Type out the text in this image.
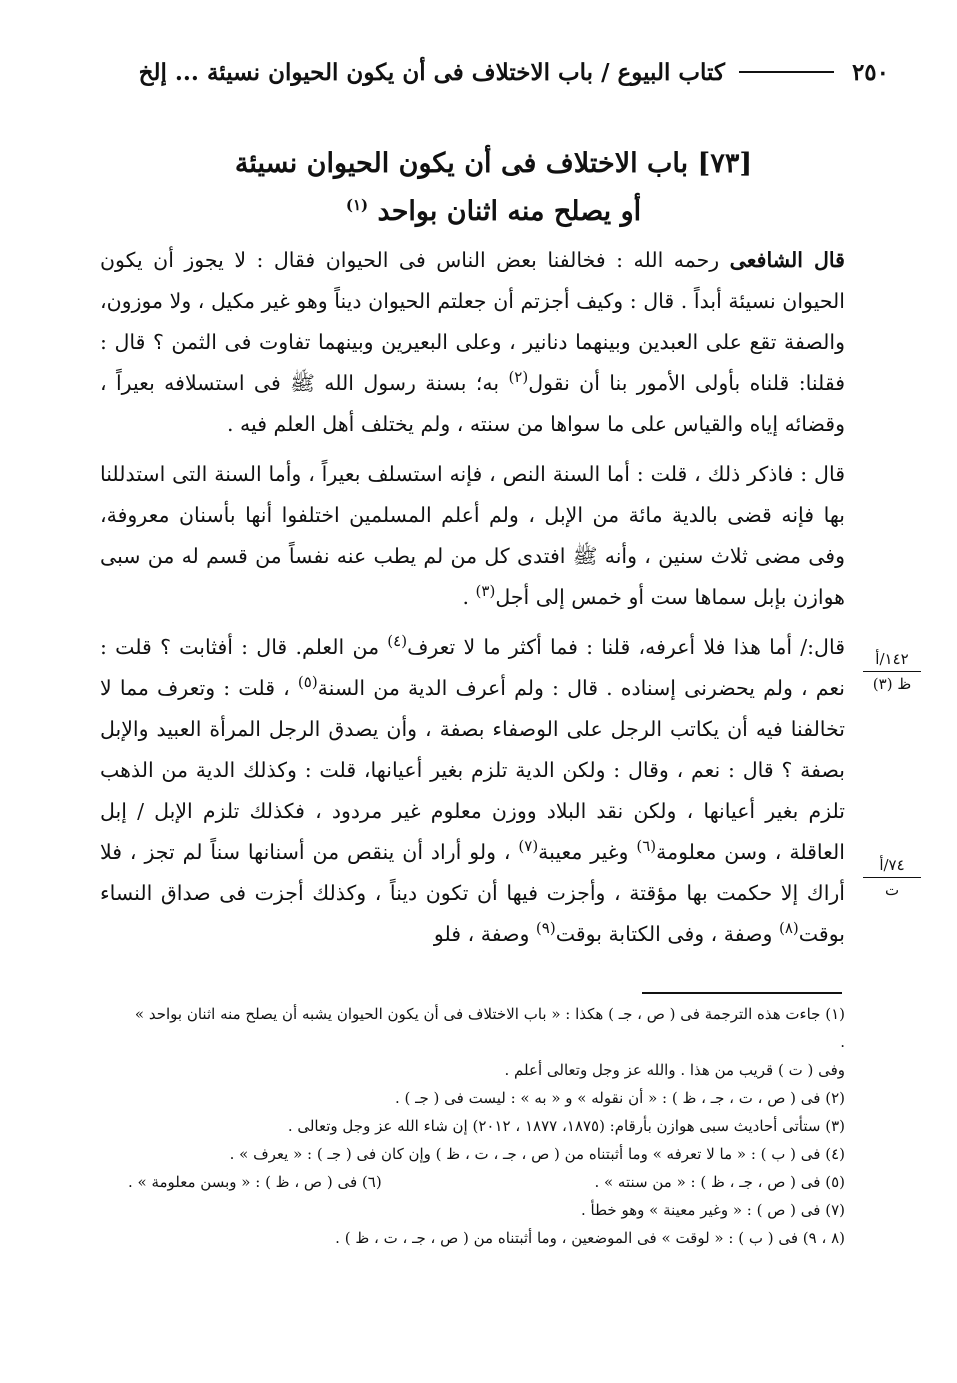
٢٥٠
كتاب البيوع / باب الاختلاف فى أن يكون الحيوان نسيئة ... إلخ
[٧٣] باب الاختلاف فى أن يكون الحيوان نسيئة
أو يصلح منه اثنان بواحد $^{(١)}$

قال الشافعى رحمه الله : فخالفنا بعض الناس فى الحيوان فقال : لا يجوز أن يكون الحيوان نسيئة أبداً . قال : وكيف أجزتم أن جعلتم الحيوان ديناً وهو غير مكيل ، ولا موزون، والصفة تقع على العبدين وبينهما دنانير ، وعلى البعيرين وبينهما تفاوت فى الثمن ؟ قال : فقلنا: قلناه بأولى الأمور بنا أن نقول$^{(٢)}$ به؛ بسنة رسول الله ﷺ فى استسلافه بعيراً ، وقضائه إياه والقياس على ما سواها من سنته ، ولم يختلف أهل العلم فيه .

قال : فاذكر ذلك ، قلت : أما السنة النص ، فإنه استسلف بعيراً ، وأما السنة التى استدللنا بها فإنه قضى بالدية مائة من الإبل ، ولم أعلم المسلمين اختلفوا أنها بأسنان معروفة، وفى مضى ثلاث سنين ، وأنه ﷺ افتدى كل من لم يطب عنه نفساً من قسم له من سبى هوازن بإبل سماها ست أو خمس إلى أجل$^{(٣)}$ .

قال:/ أما هذا فلا أعرفه، قلنا : فما أكثر ما لا تعرف$^{(٤)}$ من العلم. قال : أفثابت ؟ قلت : نعم ، ولم يحضرنى إسناده . قال : ولم أعرف الدية من السنة$^{(٥)}$ ، قلت : وتعرف مما لا تخالفنا فيه أن يكاتب الرجل على الوصفاء بصفة ، وأن يصدق الرجل المرأة العبيد والإبل بصفة ؟ قال : نعم ، وقال : ولكن الدية تلزم بغير أعيانها، قلت : وكذلك الدية من الذهب تلزم بغير أعيانها ، ولكن نقد البلاد ووزن معلوم غير مردود ، فكذلك تلزم الإبل / إبل العاقلة ، وسن معلومة$^{(٦)}$ وغير معيبة$^{(٧)}$ ، ولو أراد أن ينقص من أسنانها سناً لم تجز ، فلا أراك إلا حكمت بها مؤقتة ، وأجزت فيها أن تكون ديناً ، وكذلك أجزت فى صداق النساء بوقت$^{(٨)}$ وصفة ، وفى الكتابة بوقت$^{(٩)}$ وصفة ، فلو

١٤٢/أ
ظ (٣)
٧٤/أ
ت

(١) جاءت هذه الترجمة فى ( ص ، جـ ) هكذا : « باب الاختلاف فى أن يكون الحيوان يشبه أن يصلح منه اثنان بواحد » .

وفى ( ت ) قريب من هذا . والله عز وجل وتعالى أعلم .

(٢) فى ( ص ، ت ، جـ ، ظ ) : « أن نقوله » و « به » : ليست فى ( جـ ) .

(٣) ستأتى أحاديث سبى هوازن بأرقام: (١٨٧٥، ١٨٧٧ ، ٢٠١٢) إن شاء الله عز وجل وتعالى .

(٤) فى ( ب ) : « ما لا تعرفه » وما أثبتناه من ( ص ، جـ ، ت ، ظ ) وإن كان فى ( جـ ) : « يعرف » .

(٥) فى ( ص ، جـ ، ظ ) : « من سنته » .
(٦) فى ( ص ، ظ ) : « وبسن معلومة » .

(٧) فى ( ص ) : « وغير معينة » وهو خطأ .

(٨ ، ٩) فى ( ب ) : « لوقت » فى الموضعين ، وما أثبتناه من ( ص ، جـ ، ت ، ظ ) .
